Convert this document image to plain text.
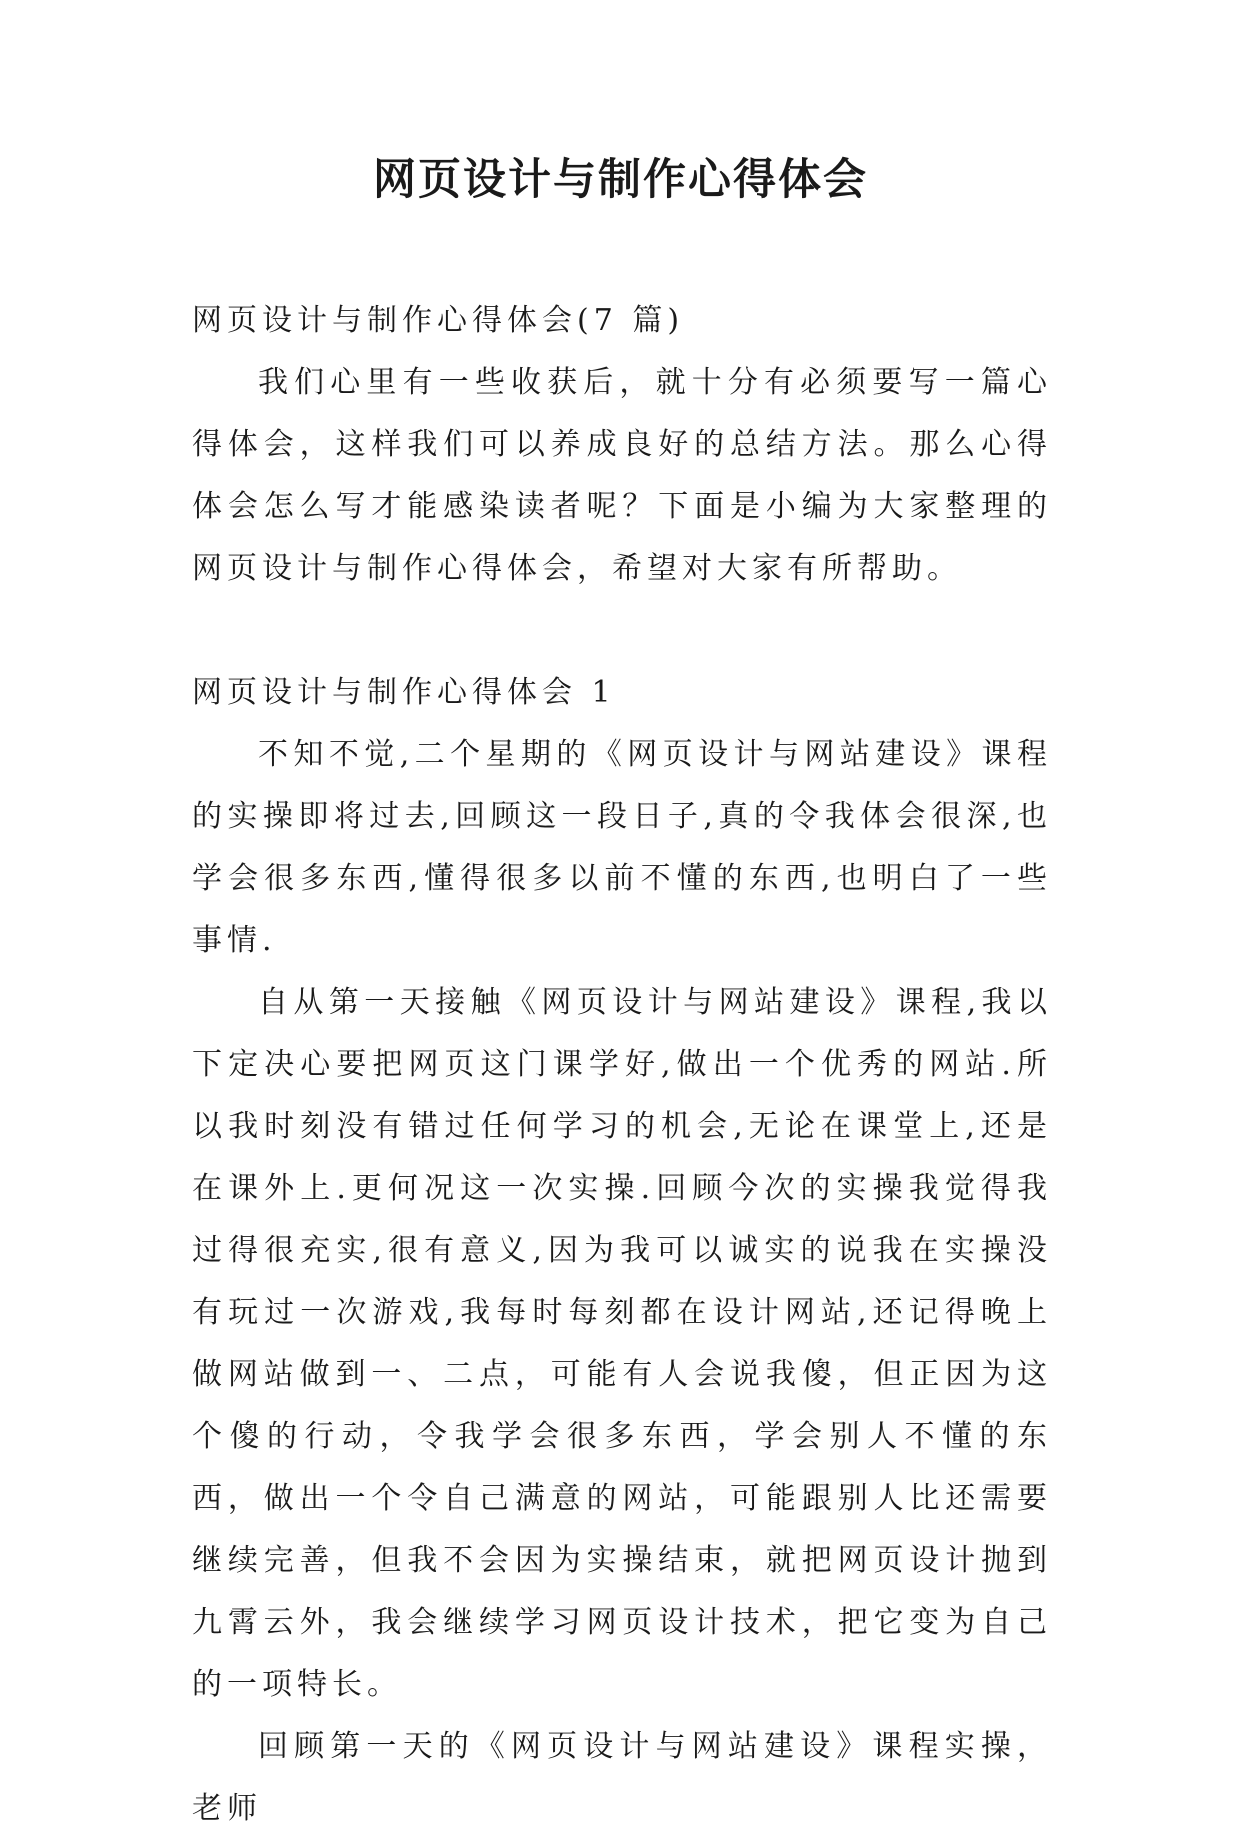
网页设计与制作心得体会

网页设计与制作心得体会(7 篇)

我们心里有一些收获后，就十分有必须要写一篇心得体会，这样我们可以养成良好的总结方法。那么心得体会怎么写才能感染读者呢？下面是小编为大家整理的网页设计与制作心得体会，希望对大家有所帮助。

网页设计与制作心得体会 1

不知不觉,二个星期的《网页设计与网站建设》课程的实操即将过去,回顾这一段日子,真的令我体会很深,也学会很多东西,懂得很多以前不懂的东西,也明白了一些事情.

自从第一天接触《网页设计与网站建设》课程,我以下定决心要把网页这门课学好,做出一个优秀的网站.所以我时刻没有错过任何学习的机会,无论在课堂上,还是在课外上.更何况这一次实操.回顾今次的实操我觉得我过得很充实,很有意义,因为我可以诚实的说我在实操没有玩过一次游戏,我每时每刻都在设计网站,还记得晚上做网站做到一、二点，可能有人会说我傻，但正因为这个傻的行动，令我学会很多东西，学会别人不懂的东西，做出一个令自己满意的网站，可能跟别人比还需要继续完善，但我不会因为实操结束，就把网页设计抛到九霄云外，我会继续学习网页设计技术，把它变为自己的一项特长。

回顾第一天的《网页设计与网站建设》课程实操，老师
